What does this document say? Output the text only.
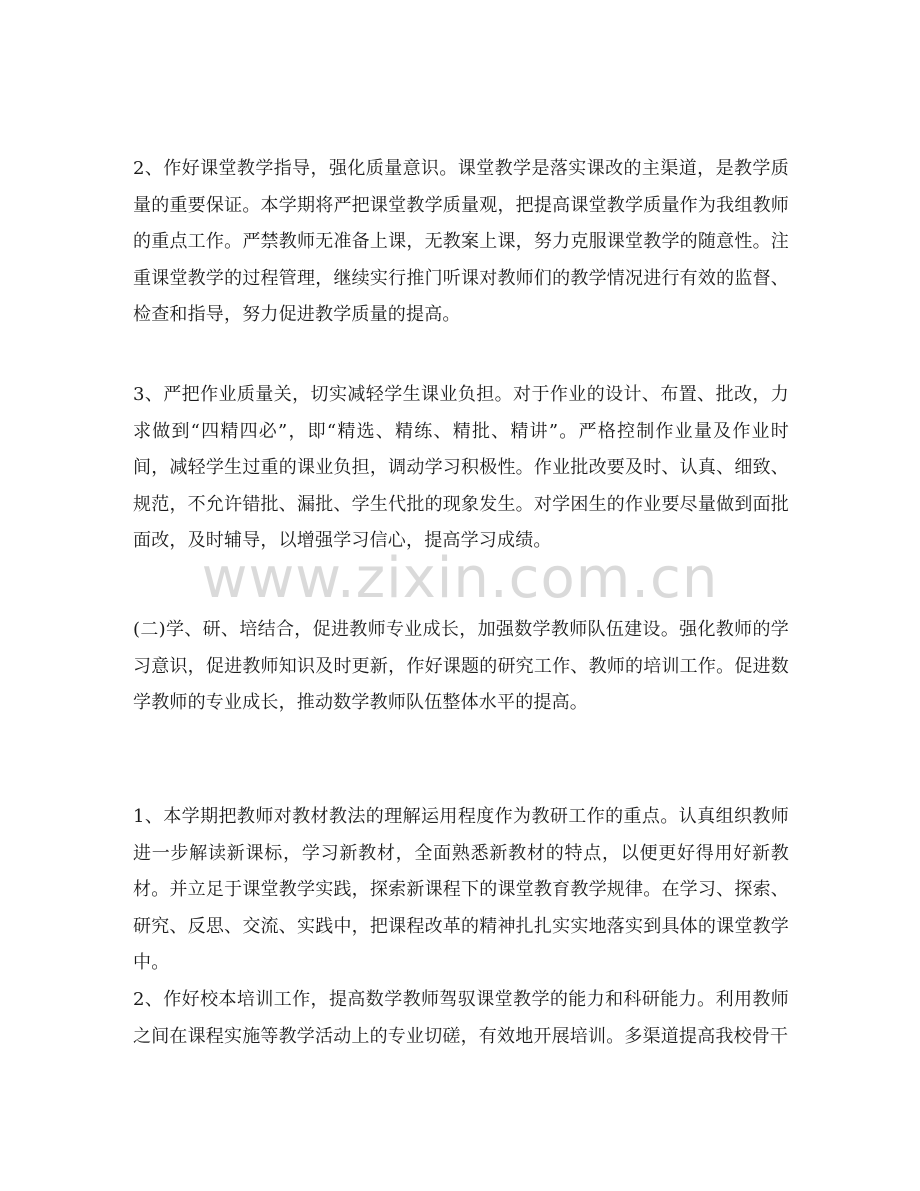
2、作好课堂教学指导，强化质量意识。课堂教学是落实课改的主渠道，是教学质量的重要保证。本学期将严把课堂教学质量观，把提高课堂教学质量作为我组教师的重点工作。严禁教师无准备上课，无教案上课，努力克服课堂教学的随意性。注重课堂教学的过程管理，继续实行推门听课对教师们的教学情况进行有效的监督、检查和指导，努力促进教学质量的提高。

3、严把作业质量关，切实减轻学生课业负担。对于作业的设计、布置、批改，力求做到“四精四必”，即“精选、精练、精批、精讲”。严格控制作业量及作业时间，减轻学生过重的课业负担，调动学习积极性。作业批改要及时、认真、细致、规范，不允许错批、漏批、学生代批的现象发生。对学困生的作业要尽量做到面批面改，及时辅导，以增强学习信心，提高学习成绩。

(二)学、研、培结合，促进教师专业成长，加强数学教师队伍建设。强化教师的学习意识，促进教师知识及时更新，作好课题的研究工作、教师的培训工作。促进数学教师的专业成长，推动数学教师队伍整体水平的提高。

1、本学期把教师对教材教法的理解运用程度作为教研工作的重点。认真组织教师进一步解读新课标，学习新教材，全面熟悉新教材的特点，以便更好得用好新教材。并立足于课堂教学实践，探索新课程下的课堂教育教学规律。在学习、探索、研究、反思、交流、实践中，把课程改革的精神扎扎实实地落实到具体的课堂教学中。

2、作好校本培训工作，提高数学教师驾驭课堂教学的能力和科研能力。利用教师之间在课程实施等教学活动上的专业切磋，有效地开展培训。多渠道提高我校骨干

www.zixin.com.cn
